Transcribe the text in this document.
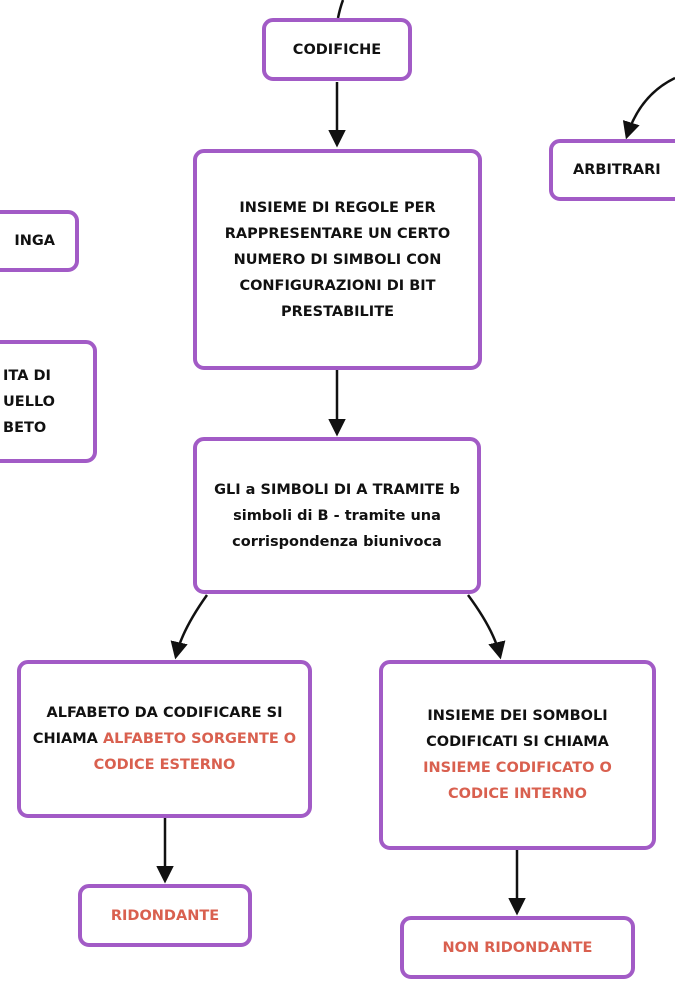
CODIFICHE
ARBITRARI
INGA
INSIEME DI REGOLE PER RAPPRESENTARE UN CERTO NUMERO DI SIMBOLI CON CONFIGURAZIONI DI BIT PRESTABILITE
ITA DI
UELLO
BETO
GLI a SIMBOLI DI A TRAMITE b simboli di B - tramite una corrispondenza biunivoca
ALFABETO DA CODIFICARE SI CHIAMA ALFABETO SORGENTE O CODICE ESTERNO
INSIEME DEI SOMBOLI CODIFICATI SI CHIAMA INSIEME CODIFICATO O CODICE INTERNO
RIDONDANTE
NON RIDONDANTE
